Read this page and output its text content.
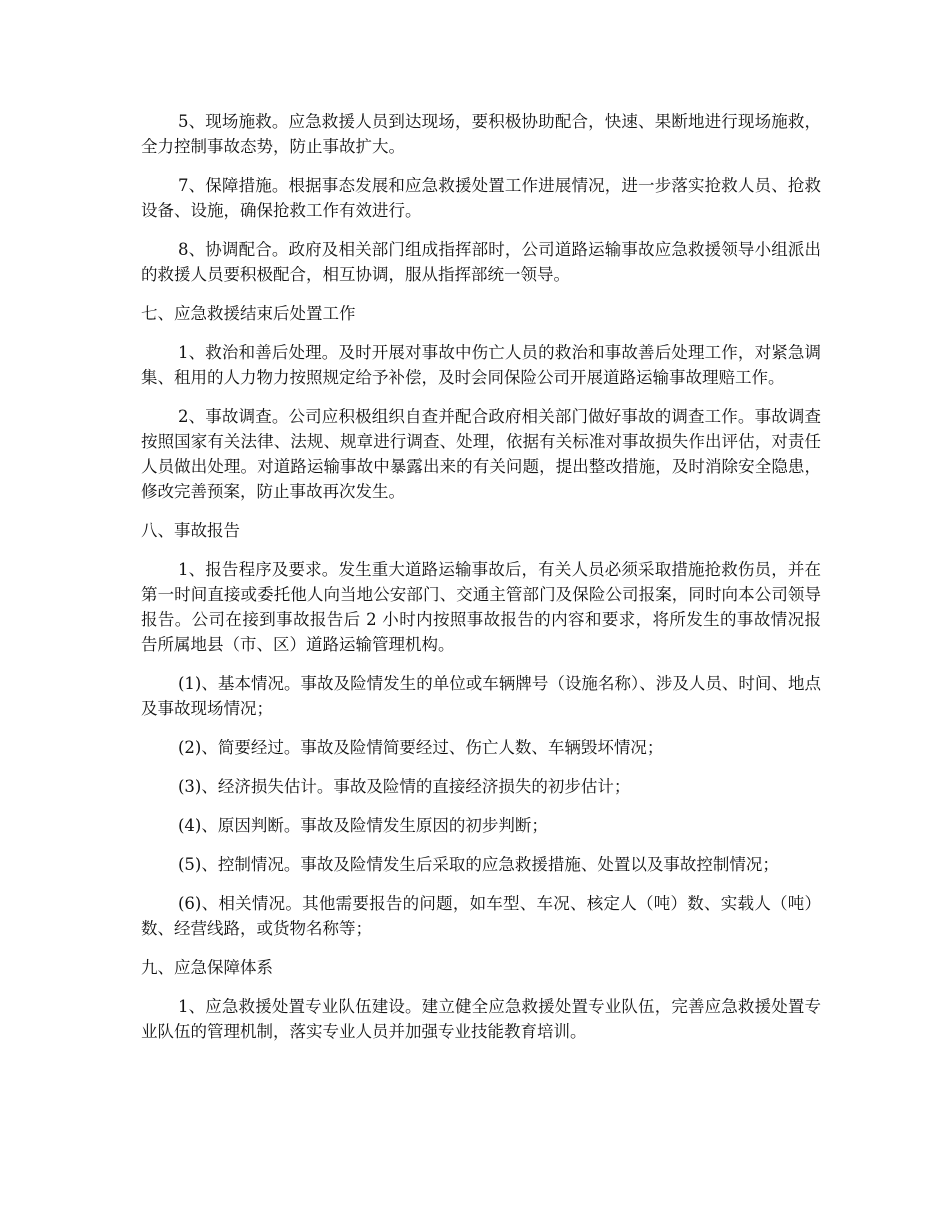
5、现场施救。应急救援人员到达现场，要积极协助配合，快速、果断地进行现场施救，全力控制事故态势，防止事故扩大。

7、保障措施。根据事态发展和应急救援处置工作进展情况，进一步落实抢救人员、抢救设备、设施，确保抢救工作有效进行。

8、协调配合。政府及相关部门组成指挥部时，公司道路运输事故应急救援领导小组派出的救援人员要积极配合，相互协调，服从指挥部统一领导。

七、应急救援结束后处置工作

1、救治和善后处理。及时开展对事故中伤亡人员的救治和事故善后处理工作，对紧急调集、租用的人力物力按照规定给予补偿，及时会同保险公司开展道路运输事故理赔工作。

2、事故调查。公司应积极组织自查并配合政府相关部门做好事故的调查工作。事故调查按照国家有关法律、法规、规章进行调查、处理，依据有关标准对事故损失作出评估，对责任人员做出处理。对道路运输事故中暴露出来的有关问题，提出整改措施，及时消除安全隐患，修改完善预案，防止事故再次发生。

八、事故报告

1、报告程序及要求。发生重大道路运输事故后，有关人员必须采取措施抢救伤员，并在第一时间直接或委托他人向当地公安部门、交通主管部门及保险公司报案，同时向本公司领导报告。公司在接到事故报告后 2 小时内按照事故报告的内容和要求，将所发生的事故情况报告所属地县（市、区）道路运输管理机构。

(1)、基本情况。事故及险情发生的单位或车辆牌号（设施名称）、涉及人员、时间、地点及事故现场情况；

(2)、简要经过。事故及险情简要经过、伤亡人数、车辆毁坏情况；

(3)、经济损失估计。事故及险情的直接经济损失的初步估计；

(4)、原因判断。事故及险情发生原因的初步判断；

(5)、控制情况。事故及险情发生后采取的应急救援措施、处置以及事故控制情况；

(6)、相关情况。其他需要报告的问题，如车型、车况、核定人（吨）数、实载人（吨）数、经营线路，或货物名称等；

九、应急保障体系

1、应急救援处置专业队伍建设。建立健全应急救援处置专业队伍，完善应急救援处置专业队伍的管理机制，落实专业人员并加强专业技能教育培训。
